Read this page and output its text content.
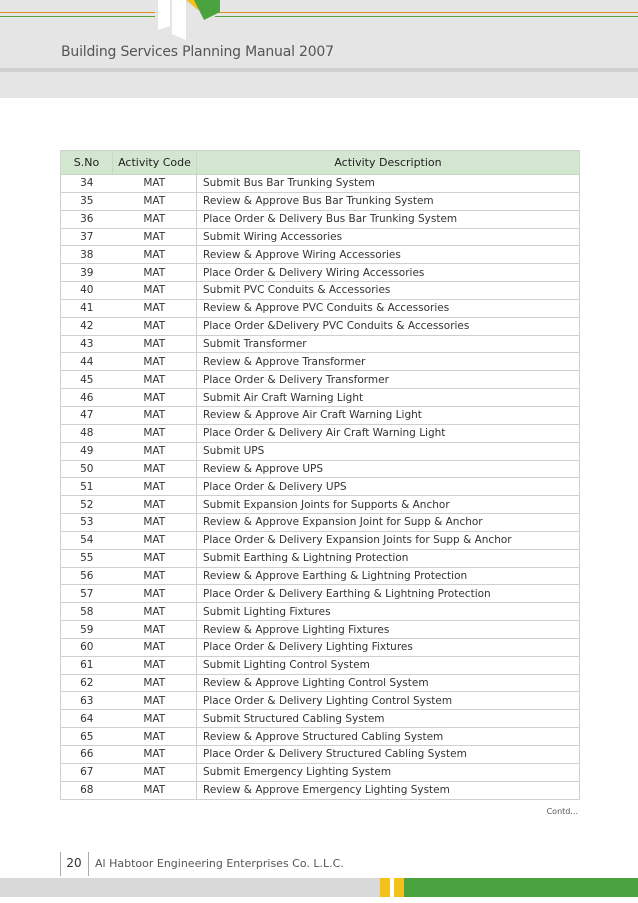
Building Services Planning Manual 2007
S.No	Activity Code	Activity Description
34	MAT	Submit Bus Bar Trunking System
35	MAT	Review & Approve Bus Bar Trunking System
36	MAT	Place Order & Delivery Bus Bar Trunking System
37	MAT	Submit Wiring Accessories
38	MAT	Review & Approve Wiring Accessories
39	MAT	Place Order & Delivery Wiring Accessories
40	MAT	Submit PVC Conduits & Accessories
41	MAT	Review & Approve PVC Conduits & Accessories
42	MAT	Place Order &Delivery PVC Conduits & Accessories
43	MAT	Submit Transformer
44	MAT	Review & Approve Transformer
45	MAT	Place Order & Delivery Transformer
46	MAT	Submit Air Craft Warning Light
47	MAT	Review & Approve Air Craft Warning Light
48	MAT	Place Order & Delivery Air Craft Warning Light
49	MAT	Submit UPS
50	MAT	Review & Approve UPS
51	MAT	Place Order & Delivery UPS
52	MAT	Submit Expansion Joints for Supports & Anchor
53	MAT	Review & Approve Expansion Joint for Supp & Anchor
54	MAT	Place Order & Delivery Expansion Joints for Supp & Anchor
55	MAT	Submit Earthing & Lightning Protection
56	MAT	Review & Approve Earthing & Lightning Protection
57	MAT	Place Order & Delivery Earthing & Lightning Protection
58	MAT	Submit Lighting Fixtures
59	MAT	Review & Approve Lighting Fixtures
60	MAT	Place Order & Delivery Lighting Fixtures
61	MAT	Submit Lighting Control System
62	MAT	Review & Approve Lighting Control System
63	MAT	Place Order & Delivery Lighting Control System
64	MAT	Submit Structured Cabling System
65	MAT	Review & Approve Structured Cabling System
66	MAT	Place Order & Delivery Structured Cabling System
67	MAT	Submit Emergency Lighting System
68	MAT	Review & Approve Emergency Lighting System
Contd...
20	Al Habtoor Engineering Enterprises Co. L.L.C.
